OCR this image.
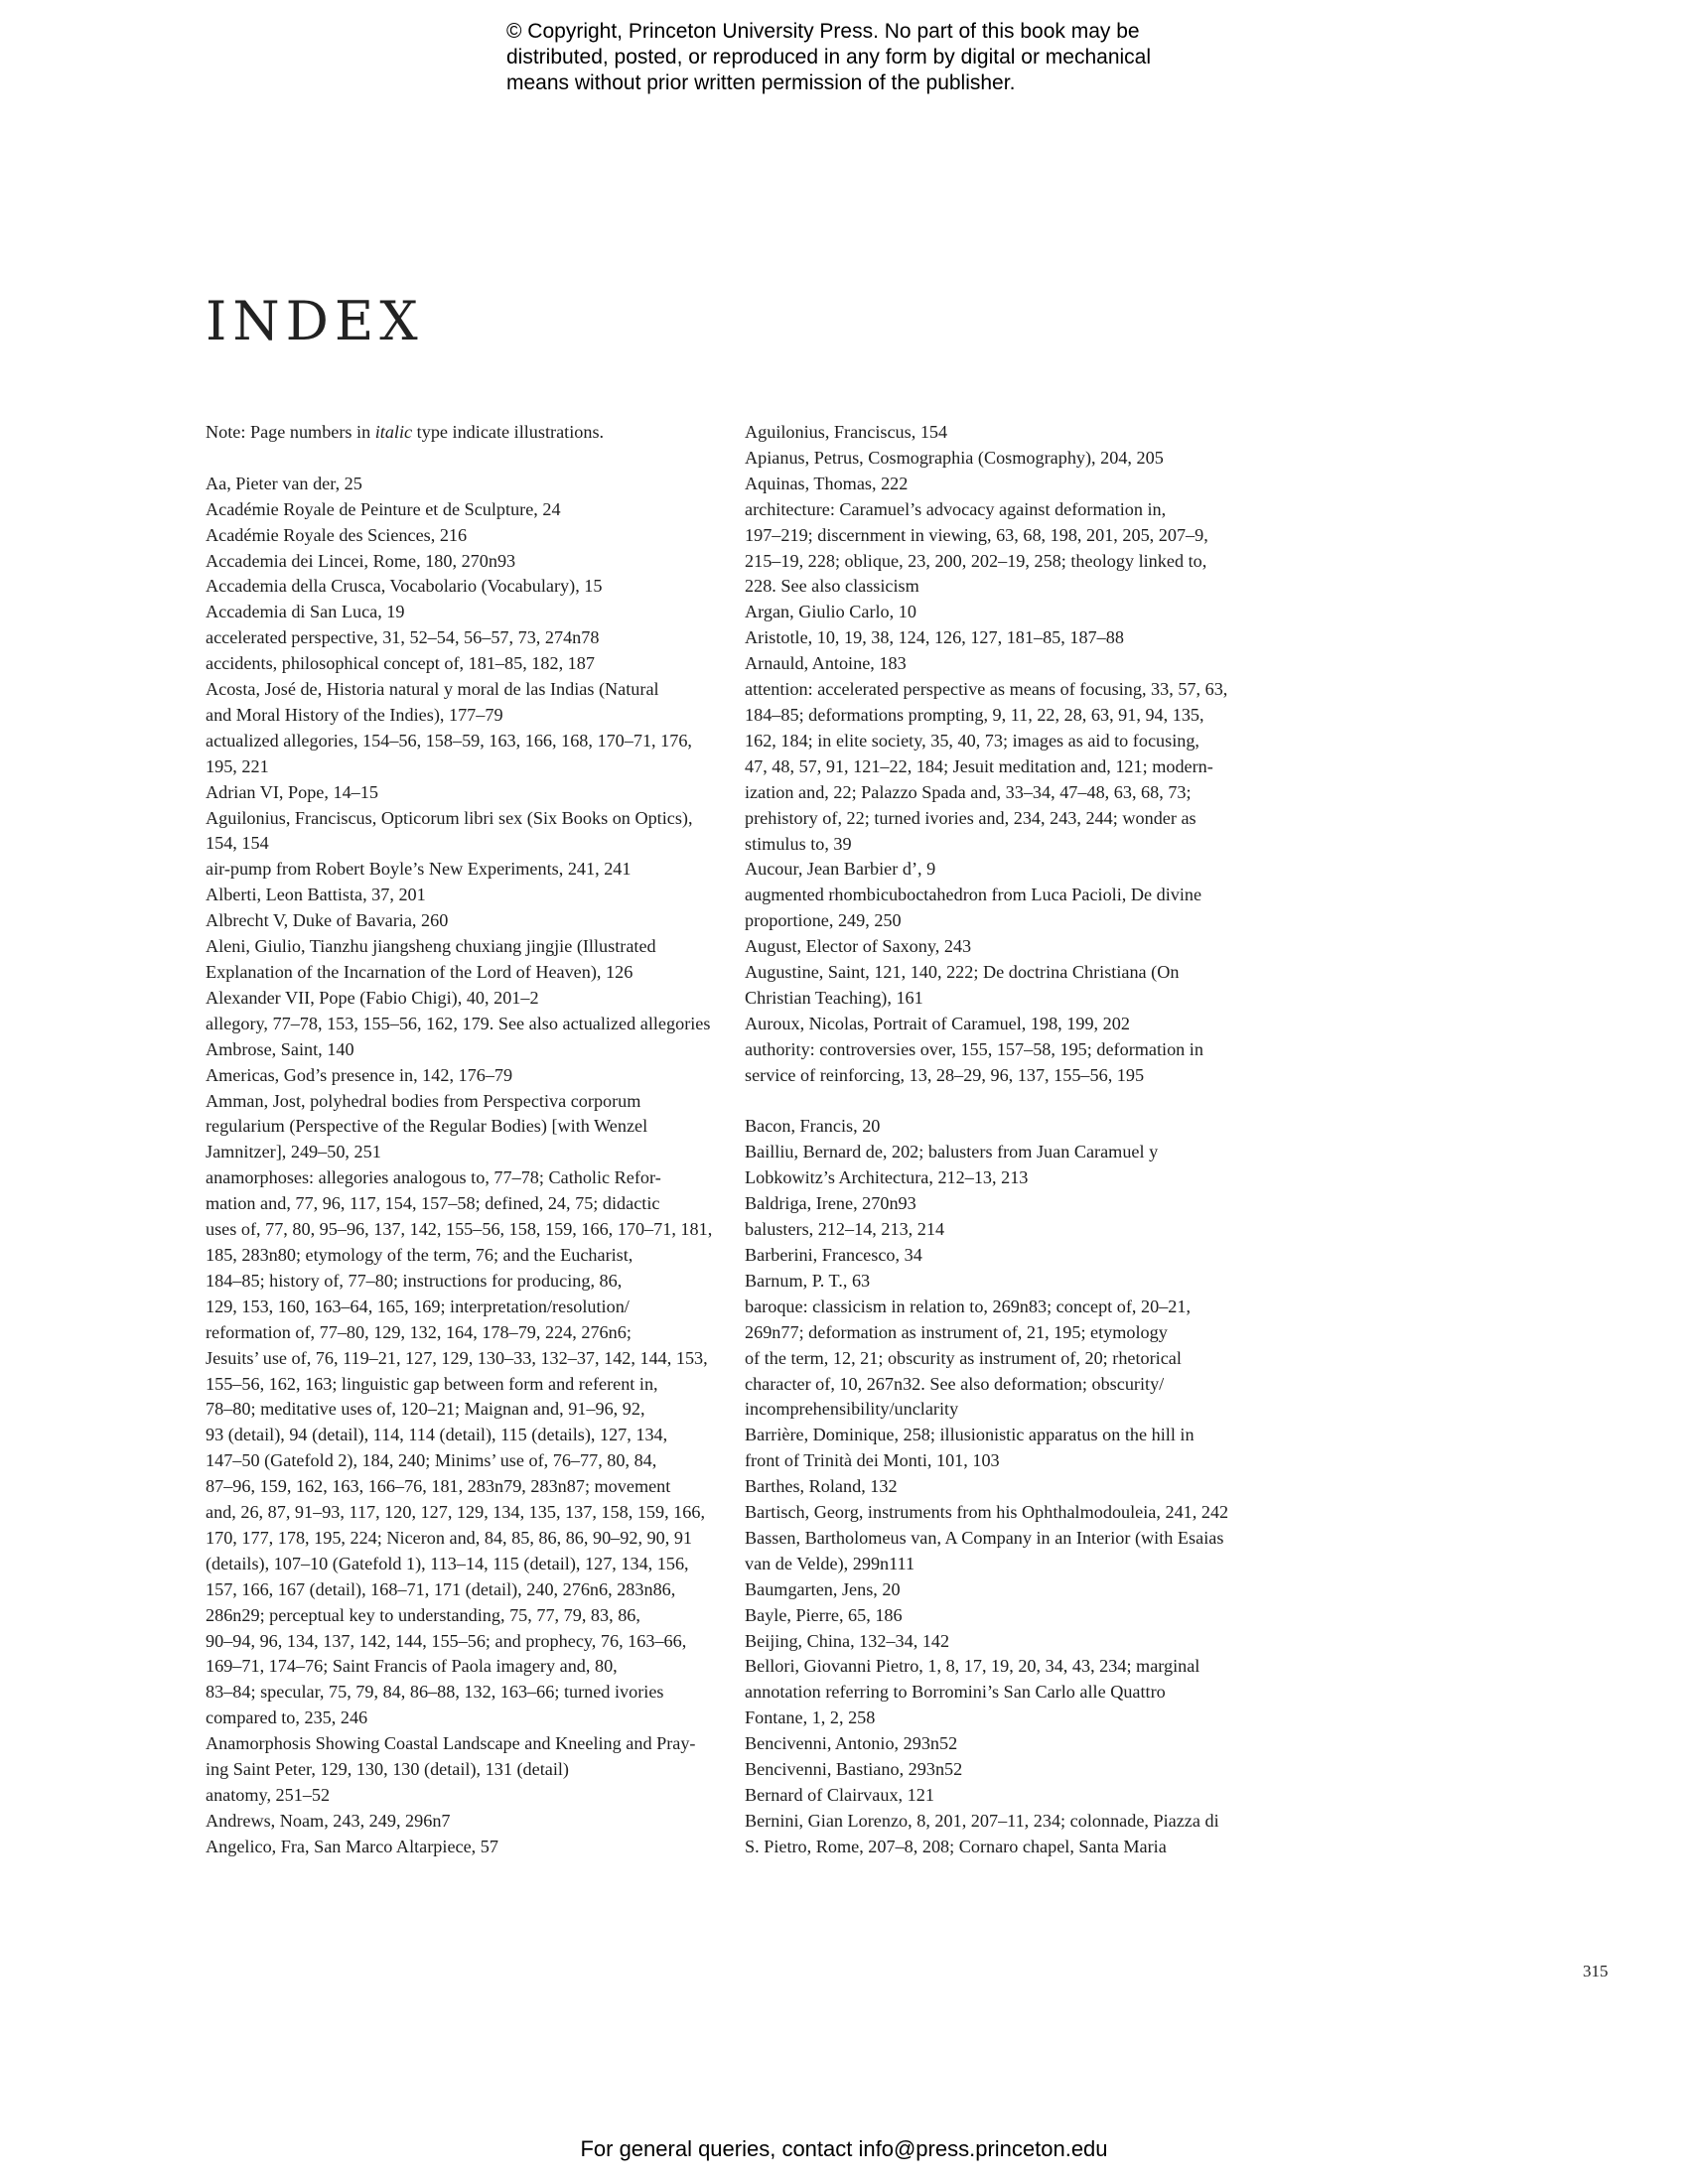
© Copyright, Princeton University Press. No part of this book may be
distributed, posted, or reproduced in any form by digital or mechanical
means without prior written permission of the publisher.
INDEX
Note: Page numbers in italic type indicate illustrations.
Aa, Pieter van der, 25
Académie Royale de Peinture et de Sculpture, 24
Académie Royale des Sciences, 216
Accademia dei Lincei, Rome, 180, 270n93
Accademia della Crusca, Vocabolario (Vocabulary), 15
Accademia di San Luca, 19
accelerated perspective, 31, 52–54, 56–57, 73, 274n78
accidents, philosophical concept of, 181–85, 182, 187
Acosta, José de, Historia natural y moral de las Indias (Natural
and Moral History of the Indies), 177–79
actualized allegories, 154–56, 158–59, 163, 166, 168, 170–71, 176,
195, 221
Adrian VI, Pope, 14–15
Aguilonius, Franciscus, Opticorum libri sex (Six Books on Optics),
154, 154
air-pump from Robert Boyle’s New Experiments, 241, 241
Alberti, Leon Battista, 37, 201
Albrecht V, Duke of Bavaria, 260
Aleni, Giulio, Tianzhu jiangsheng chuxiang jingjie (Illustrated
Explanation of the Incarnation of the Lord of Heaven), 126
Alexander VII, Pope (Fabio Chigi), 40, 201–2
allegory, 77–78, 153, 155–56, 162, 179. See also actualized allegories
Ambrose, Saint, 140
Americas, God’s presence in, 142, 176–79
Amman, Jost, polyhedral bodies from Perspectiva corporum
regularium (Perspective of the Regular Bodies) [with Wenzel
Jamnitzer], 249–50, 251
anamorphoses: allegories analogous to, 77–78; Catholic Refor-
mation and, 77, 96, 117, 154, 157–58; defined, 24, 75; didactic
uses of, 77, 80, 95–96, 137, 142, 155–56, 158, 159, 166, 170–71, 181,
185, 283n80; etymology of the term, 76; and the Eucharist,
184–85; history of, 77–80; instructions for producing, 86,
129, 153, 160, 163–64, 165, 169; interpretation/resolution/
reformation of, 77–80, 129, 132, 164, 178–79, 224, 276n6;
Jesuits’ use of, 76, 119–21, 127, 129, 130–33, 132–37, 142, 144, 153,
155–56, 162, 163; linguistic gap between form and referent in,
78–80; meditative uses of, 120–21; Maignan and, 91–96, 92,
93 (detail), 94 (detail), 114, 114 (detail), 115 (details), 127, 134,
147–50 (Gatefold 2), 184, 240; Minims’ use of, 76–77, 80, 84,
87–96, 159, 162, 163, 166–76, 181, 283n79, 283n87; movement
and, 26, 87, 91–93, 117, 120, 127, 129, 134, 135, 137, 158, 159, 166,
170, 177, 178, 195, 224; Niceron and, 84, 85, 86, 86, 90–92, 90, 91
(details), 107–10 (Gatefold 1), 113–14, 115 (detail), 127, 134, 156,
157, 166, 167 (detail), 168–71, 171 (detail), 240, 276n6, 283n86,
286n29; perceptual key to understanding, 75, 77, 79, 83, 86,
90–94, 96, 134, 137, 142, 144, 155–56; and prophecy, 76, 163–66,
169–71, 174–76; Saint Francis of Paola imagery and, 80,
83–84; specular, 75, 79, 84, 86–88, 132, 163–66; turned ivories
compared to, 235, 246
Anamorphosis Showing Coastal Landscape and Kneeling and Pray-
ing Saint Peter, 129, 130, 130 (detail), 131 (detail)
anatomy, 251–52
Andrews, Noam, 243, 249, 296n7
Angelico, Fra, San Marco Altarpiece, 57
Aguilonius, Franciscus, 154
Apianus, Petrus, Cosmographia (Cosmography), 204, 205
Aquinas, Thomas, 222
architecture: Caramuel’s advocacy against deformation in,
197–219; discernment in viewing, 63, 68, 198, 201, 205, 207–9,
215–19, 228; oblique, 23, 200, 202–19, 258; theology linked to,
228. See also classicism
Argan, Giulio Carlo, 10
Aristotle, 10, 19, 38, 124, 126, 127, 181–85, 187–88
Arnauld, Antoine, 183
attention: accelerated perspective as means of focusing, 33, 57, 63,
184–85; deformations prompting, 9, 11, 22, 28, 63, 91, 94, 135,
162, 184; in elite society, 35, 40, 73; images as aid to focusing,
47, 48, 57, 91, 121–22, 184; Jesuit meditation and, 121; modern-
ization and, 22; Palazzo Spada and, 33–34, 47–48, 63, 68, 73;
prehistory of, 22; turned ivories and, 234, 243, 244; wonder as
stimulus to, 39
Aucour, Jean Barbier d’, 9
augmented rhombicuboctahedron from Luca Pacioli, De divine
proportione, 249, 250
August, Elector of Saxony, 243
Augustine, Saint, 121, 140, 222; De doctrina Christiana (On
Christian Teaching), 161
Auroux, Nicolas, Portrait of Caramuel, 198, 199, 202
authority: controversies over, 155, 157–58, 195; deformation in
service of reinforcing, 13, 28–29, 96, 137, 155–56, 195
Bacon, Francis, 20
Bailliu, Bernard de, 202; balusters from Juan Caramuel y
Lobkowitz’s Architectura, 212–13, 213
Baldriga, Irene, 270n93
balusters, 212–14, 213, 214
Barberini, Francesco, 34
Barnum, P. T., 63
baroque: classicism in relation to, 269n83; concept of, 20–21,
269n77; deformation as instrument of, 21, 195; etymology
of the term, 12, 21; obscurity as instrument of, 20; rhetorical
character of, 10, 267n32. See also deformation; obscurity/
incomprehensibility/unclarity
Barrière, Dominique, 258; illusionistic apparatus on the hill in
front of Trinità dei Monti, 101, 103
Barthes, Roland, 132
Bartisch, Georg, instruments from his Ophthalmodouleia, 241, 242
Bassen, Bartholomeus van, A Company in an Interior (with Esaias
van de Velde), 299n111
Baumgarten, Jens, 20
Bayle, Pierre, 65, 186
Beijing, China, 132–34, 142
Bellori, Giovanni Pietro, 1, 8, 17, 19, 20, 34, 43, 234; marginal
annotation referring to Borromini’s San Carlo alle Quattro
Fontane, 1, 2, 258
Bencivenni, Antonio, 293n52
Bencivenni, Bastiano, 293n52
Bernard of Clairvaux, 121
Bernini, Gian Lorenzo, 8, 201, 207–11, 234; colonnade, Piazza di
S. Pietro, Rome, 207–8, 208; Cornaro chapel, Santa Maria
315
For general queries, contact info@press.princeton.edu
